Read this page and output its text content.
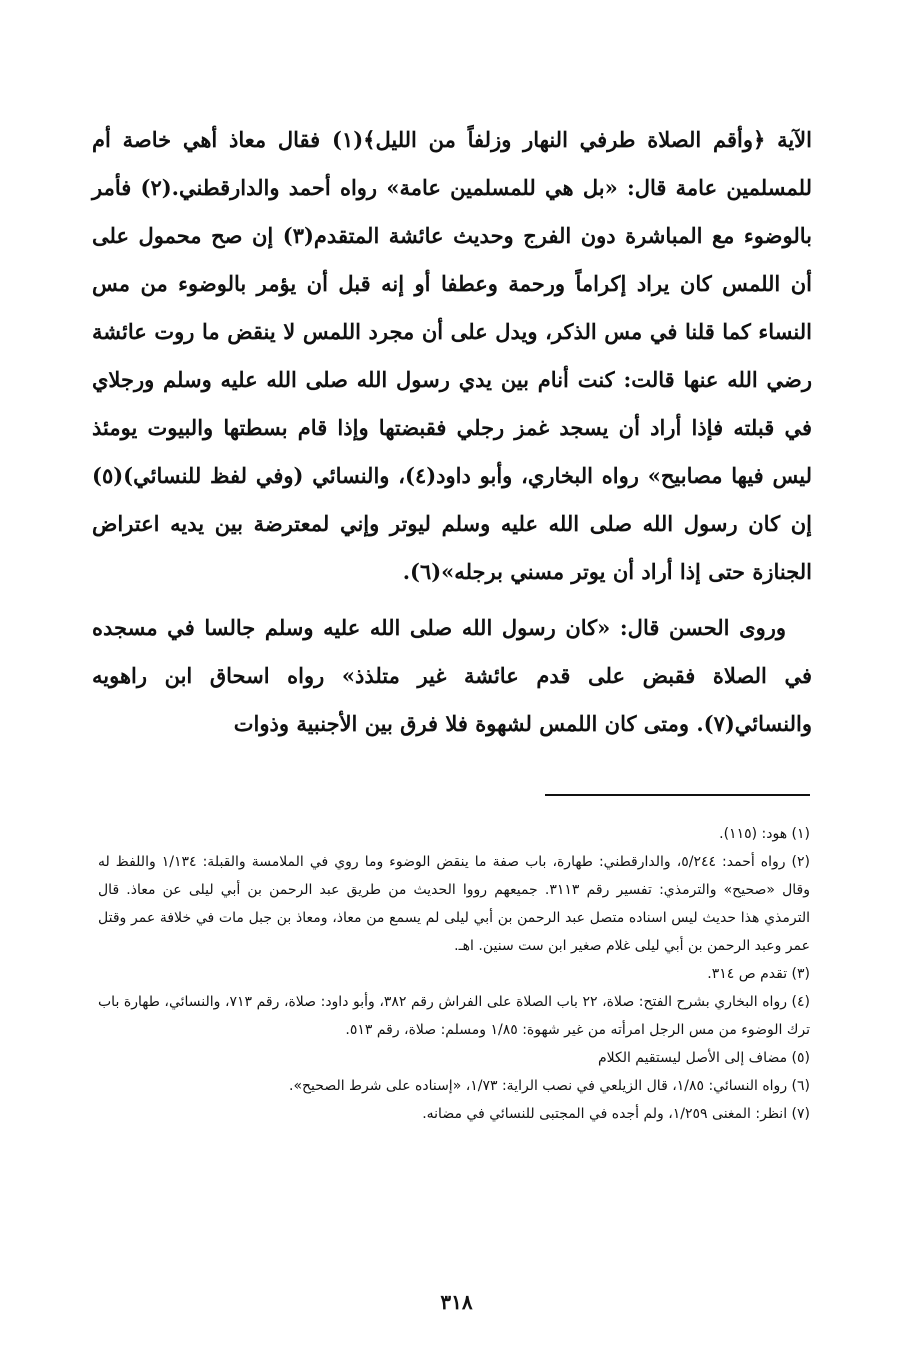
الآية ﴿وأقم الصلاة طرفي النهار وزلفاً من الليل﴾(١) فقال معاذ أهي خاصة أم للمسلمين عامة قال: «بل هي للمسلمين عامة» رواه أحمد والدارقطني.(٢) فأمر بالوضوء مع المباشرة دون الفرج وحديث عائشة المتقدم(٣) إن صح محمول على أن اللمس كان يراد إكراماً ورحمة وعطفا أو إنه قبل أن يؤمر بالوضوء من مس النساء كما قلنا في مس الذكر، ويدل على أن مجرد اللمس لا ينقض ما روت عائشة رضي الله عنها قالت: كنت أنام بين يدي رسول الله صلى الله عليه وسلم ورجلاي في قبلته فإذا أراد أن يسجد غمز رجلي فقبضتها وإذا قام بسطتها والبيوت يومئذ ليس فيها مصابيح» رواه البخاري، وأبو داود(٤)، والنسائي (وفي لفظ للنسائي)(٥) إن كان رسول الله صلى الله عليه وسلم ليوتر وإني لمعترضة بين يديه اعتراض الجنازة حتى إذا أراد أن يوتر مسني برجله»(٦).

وروى الحسن قال: «كان رسول الله صلى الله عليه وسلم جالسا في مسجده في الصلاة فقبض على قدم عائشة غير متلذذ» رواه اسحاق ابن راهويه والنسائي(٧). ومتى كان اللمس لشهوة فلا فرق بين الأجنبية وذوات

(١) هود: (١١٥).

(٢) رواه أحمد: ٥/٢٤٤، والدارقطني: طهارة، باب صفة ما ينقض الوضوء وما روي في الملامسة والقبلة: ١/١٣٤ واللفظ له وقال «صحيح» والترمذي: تفسير رقم ٣١١٣. جميعهم رووا الحديث من طريق عبد الرحمن بن أبي ليلى عن معاذ. قال الترمذي هذا حديث ليس اسناده متصل عبد الرحمن بن أبي ليلى لم يسمع من معاذ، ومعاذ بن جبل مات في خلافة عمر وقتل عمر وعبد الرحمن بن أبي ليلى غلام صغير ابن ست سنين. اهـ.

(٣) تقدم ص ٣١٤.

(٤) رواه البخاري بشرح الفتح: صلاة، ٢٢ باب الصلاة على الفراش رقم ٣٨٢، وأبو داود: صلاة، رقم ٧١٣، والنسائي، طهارة باب ترك الوضوء من مس الرجل امرأته من غير شهوة: ١/٨٥ ومسلم: صلاة، رقم ٥١٣.

(٥) مضاف إلى الأصل ليستقيم الكلام

(٦) رواه النسائي: ١/٨٥، قال الزيلعي في نصب الراية: ١/٧٣، «إسناده على شرط الصحيح».

(٧) انظر: المغنى ١/٢٥٩، ولم أجده في المجتبى للنسائي في مضانه.

٣١٨
